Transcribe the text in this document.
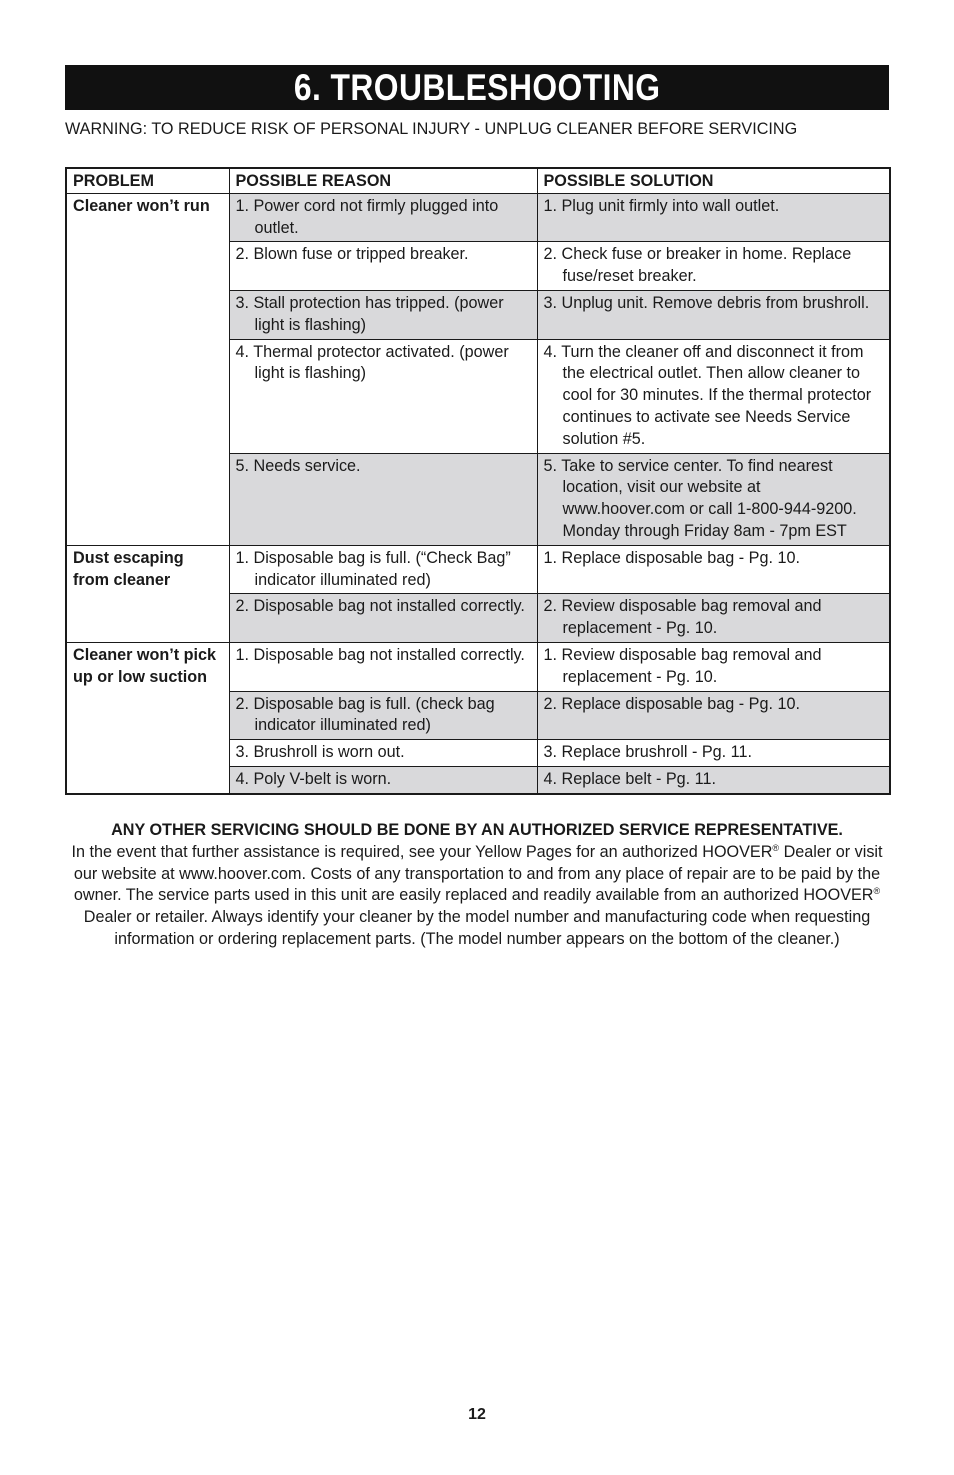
6. TROUBLESHOOTING
WARNING: TO REDUCE RISK OF PERSONAL INJURY - UNPLUG CLEANER BEFORE SERVICING
PROBLEM	POSSIBLE REASON	POSSIBLE SOLUTION
Cleaner won’t run	1. Power cord not firmly plugged into outlet.	1. Plug unit firmly into wall outlet.

	2. Blown fuse or tripped breaker.	2. Check fuse or breaker in home. Replace fuse/reset breaker.

	3. Stall protection has tripped. (power light is flashing)	3. Unplug unit. Remove debris from brushroll.

	4. Thermal protector activated. (power light is flashing)	4. Turn the cleaner off and disconnect it from the electrical outlet. Then allow cleaner to cool for 30 minutes. If the thermal protector continues to activate see Needs Service solution #5.

	5. Needs service.	5. Take to service center. To find nearest location, visit our website at www.hoover.com or call 1-800-944-9200. Monday through Friday 8am - 7pm EST

Dust escaping from cleaner	1. Disposable bag is full. (“Check Bag” indicator illuminated red)	1. Replace disposable bag - Pg. 10.

	2. Disposable bag not installed correctly.	2. Review disposable bag removal and replacement - Pg. 10.

Cleaner won’t pick up or low suction	1. Disposable bag not installed correctly.	1. Review disposable bag removal and replacement - Pg. 10.

	2. Disposable bag is full. (check bag indicator illuminated red)	2. Replace disposable bag - Pg. 10.

	3. Brushroll is worn out.	3. Replace brushroll - Pg. 11.

	4. Poly V-belt is worn.	4. Replace belt - Pg. 11.
ANY OTHER SERVICING SHOULD BE DONE BY AN AUTHORIZED SERVICE REPRESENTATIVE.
In the event that further assistance is required, see your Yellow Pages for an authorized HOOVER® Dealer or visit our website at www.hoover.com. Costs of any transportation to and from any place of repair are to be paid by the owner. The service parts used in this unit are easily replaced and readily available from an authorized HOOVER® Dealer or retailer. Always identify your cleaner by the model number and manufacturing code when requesting information or ordering replacement parts. (The model number appears on the bottom of the cleaner.)
12
